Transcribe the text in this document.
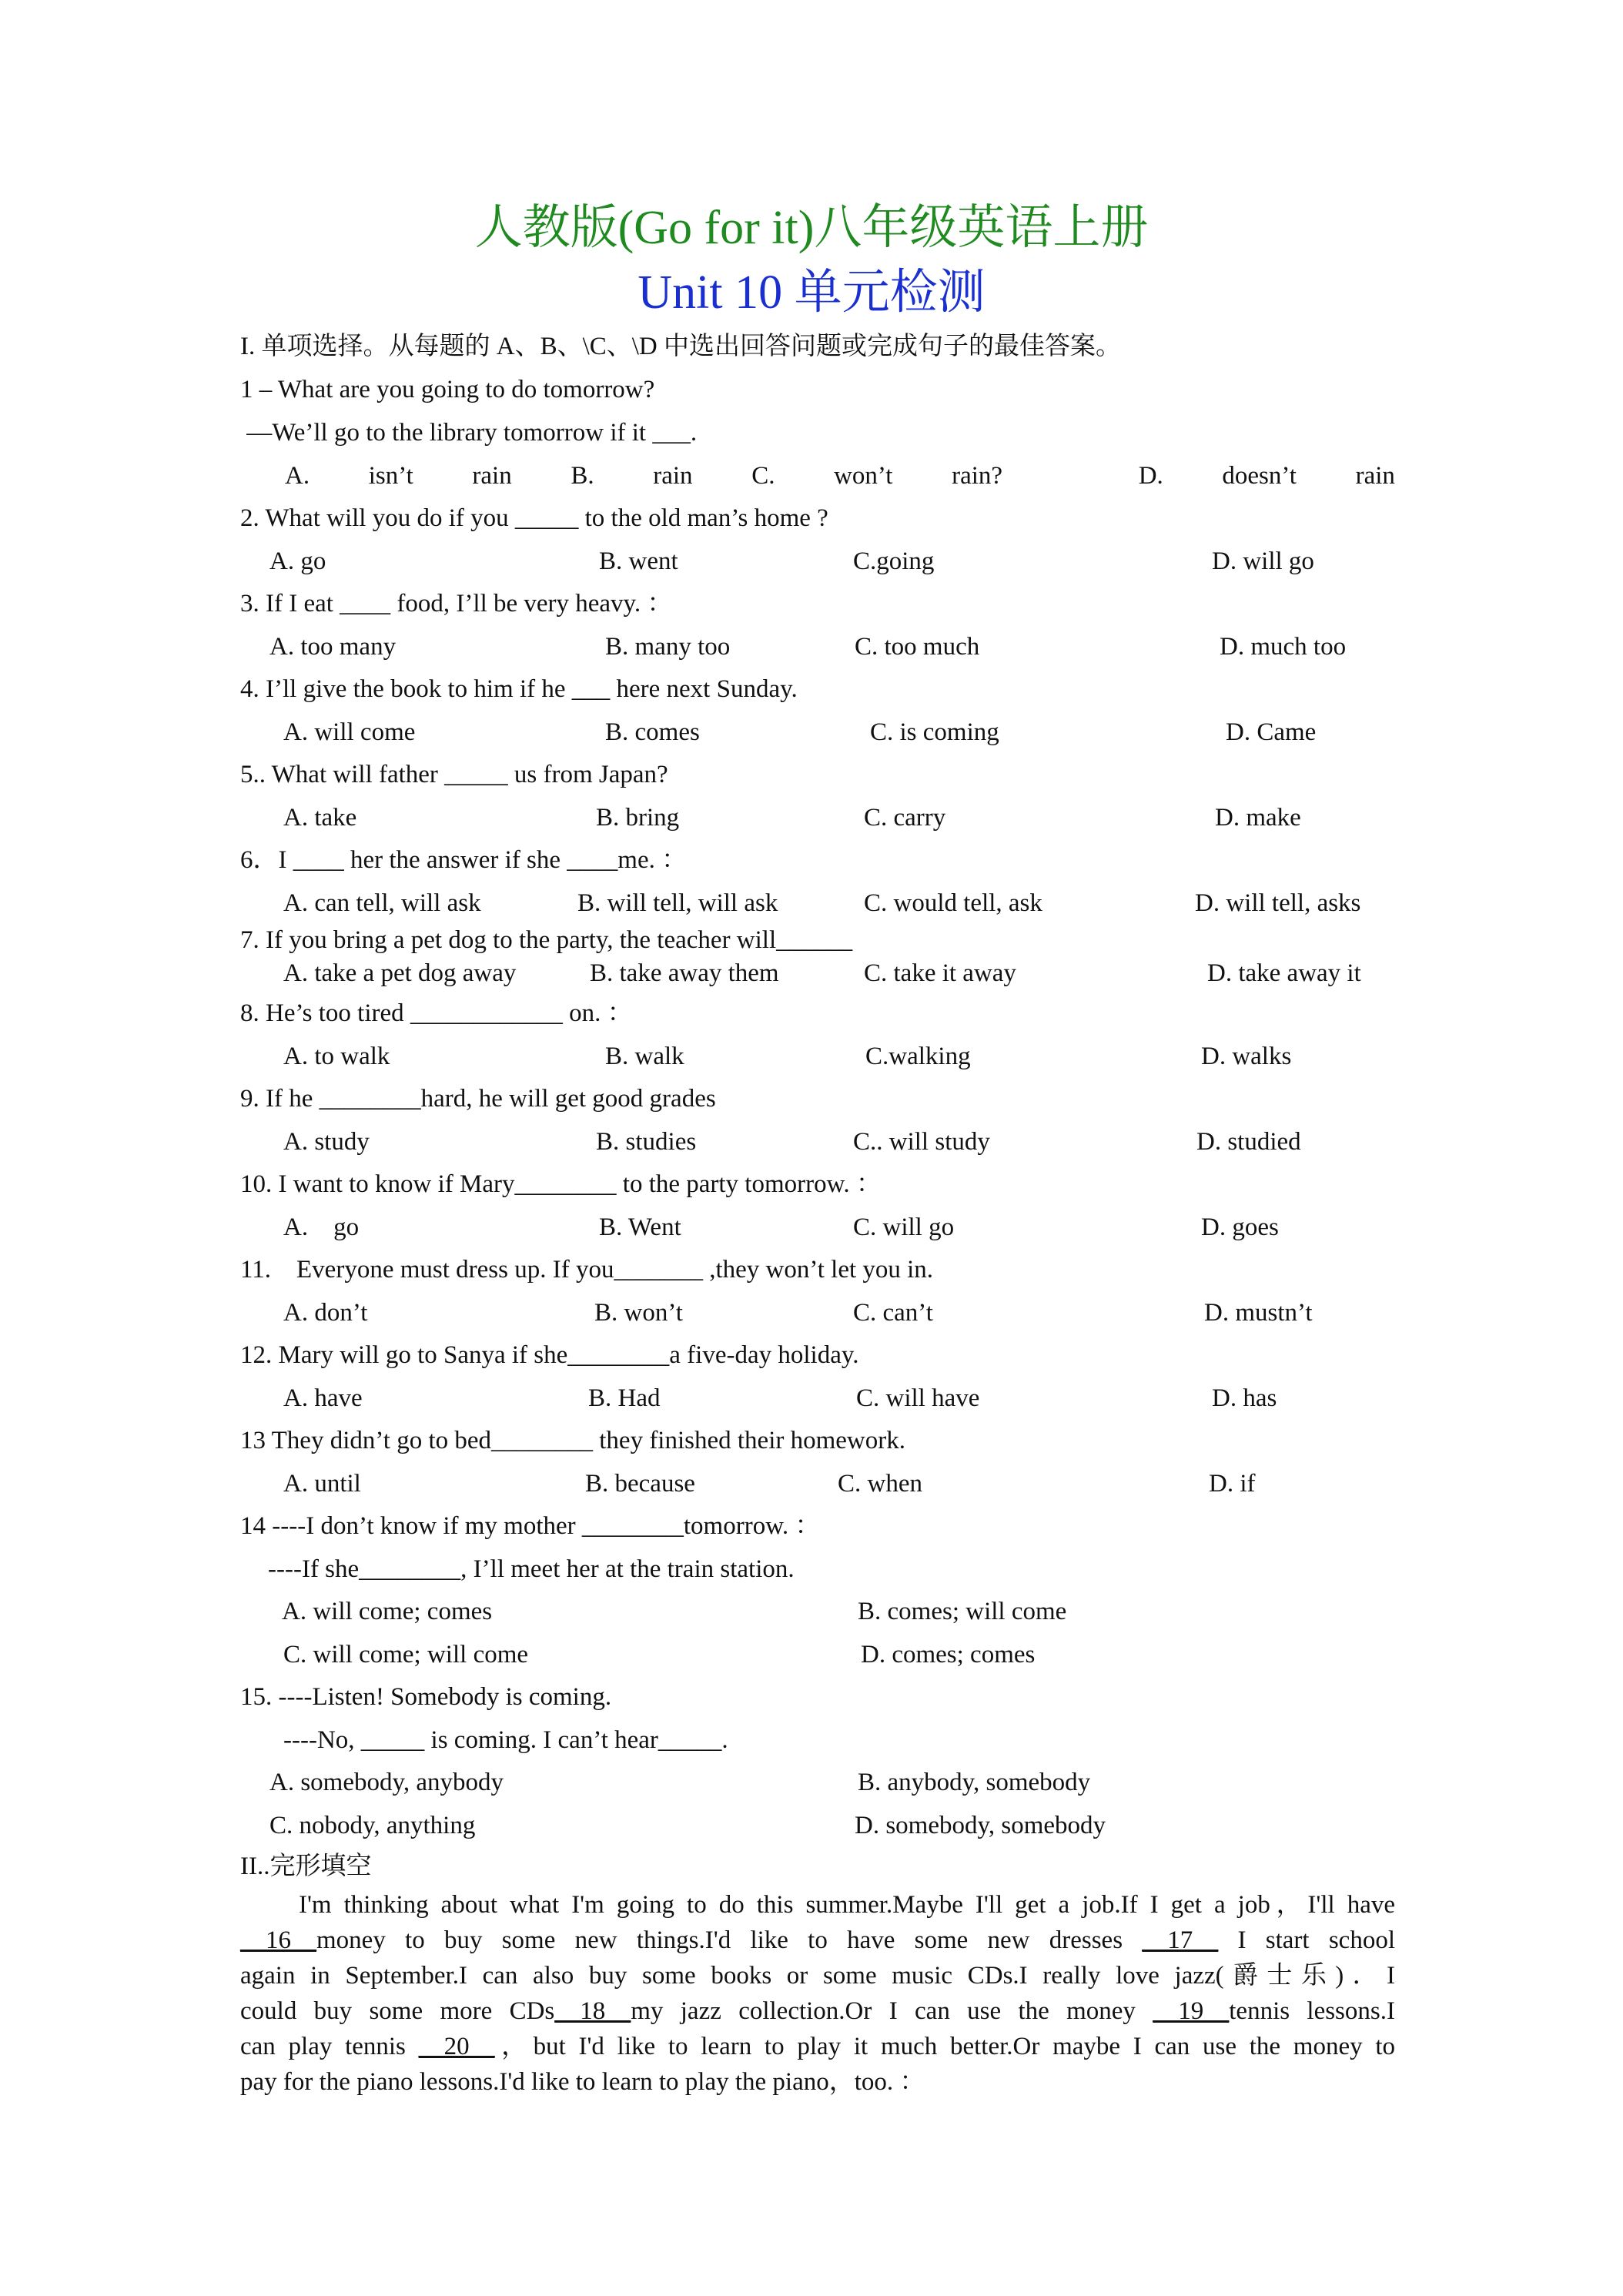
人教版(Go for it)八年级英语上册
Unit 10 单元检测
I. 单项选择。从每题的 A、B、\C、\D 中选出回答问题或完成句子的最佳答案。
1 – What are you going to do tomorrow?
—We’ll go to the library tomorrow if it ___.
A. isn’t rain B. rain C. won’t rain?	D. doesn’t rain
2. What will you do if you _____ to the old man’s home ?
A. go	B. went	C.going	D. will go
3. If I eat ____ food, I’ll be very heavy. ：
A. too many	B. many too	C. too much	D. much too
4. I’ll give the book to him if he ___ here next Sunday.
A. will come	B. comes	C. is coming	D. Came
5.. What will father _____ us from Japan?
A. take	B. bring	C. carry	D. make
6．I ____ her the answer if she ____me. ：
A. can tell, will ask	B. will tell, will ask	C. would tell, ask	D. will tell, asks
7. If you bring a pet dog to the party, the teacher will______
A. take a pet dog away	B. take away them	C. take it away	D. take away it
8. He’s too tired ____________ on. ：
A. to walk	B. walk	C.walking	D. walks
9. If he ________hard, he will get good grades
A. study	B. studies	C.. will study	D. studied
10. I want to know if Mary________ to the party tomorrow. ：

A.    go

	B. Went

	C. will go

	D. goes

11.    Everyone must dress up. If you_______ ,they won’t let you in.
A. don’t	B. won’t	C. can’t	D. mustn’t
12. Mary will go to Sanya if she________a five-day holiday.
A. have	B. Had	C. will have	D. has
13 They didn’t go to bed________ they finished their homework.
A. until	B. because	C. when	D. if
14 ----I don’t know if my mother ________tomorrow. ：
----If she________, I’ll meet her at the train station.
A. will come; comes	B. comes; will come
C. will come; will come	D. comes; comes
15. ----Listen! Somebody is coming.
----No, _____ is coming. I can’t hear_____.
A. somebody, anybody	B. anybody, somebody
C. nobody, anything	D. somebody, somebody
II..完形填空
I'm thinking about what I'm going to do this summer.Maybe I'll get a job.If I get a job，I'll have
__16__money to buy some new things.I'd like to have some new dresses __17__ I start school
again in September.I can also buy some books or some music CDs.I really love jazz(爵士乐)．I
could buy some more CDs__18__my jazz collection.Or I can use the money __19__tennis lessons.I
can play tennis __20__，but I'd like to learn to play it much better.Or maybe I can use the money to
pay for the piano lessons.I'd like to learn to play the piano，too. ：
